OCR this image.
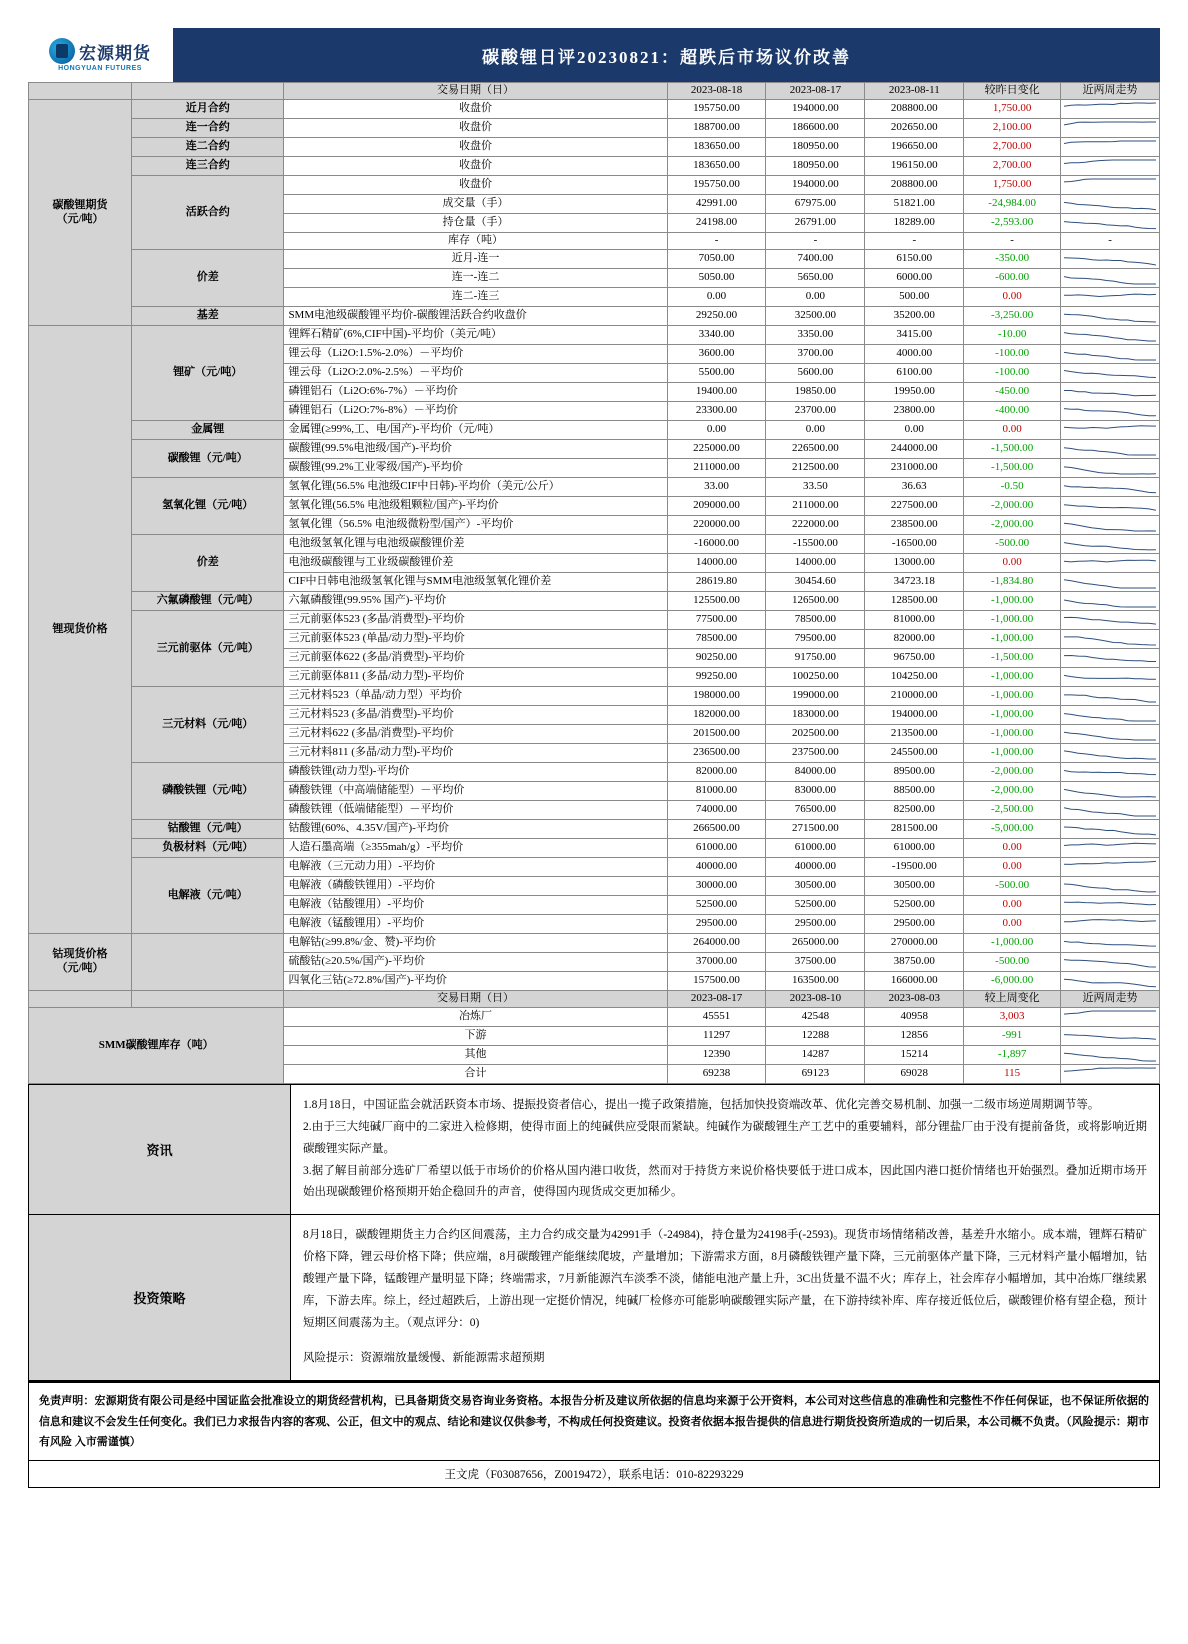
宏源期货
HONGYUAN FUTURES
碳酸锂日评20230821：超跌后市场议价改善
		交易日期（日）	2023-08-18	2023-08-17	2023-08-11	较昨日变化	近两周走势
碳酸锂期货
（元/吨）	近月合约	收盘价	195750.00	194000.00	208800.00	1,750.00	

	连一合约	收盘价	188700.00	186600.00	202650.00	2,100.00	

	连二合约	收盘价	183650.00	180950.00	196650.00	2,700.00	

	连三合约	收盘价	183650.00	180950.00	196150.00	2,700.00	

	活跃合约	收盘价	195750.00	194000.00	208800.00	1,750.00	

		成交量（手）	42991.00	67975.00	51821.00	-24,984.00	

		持仓量（手）	24198.00	26791.00	18289.00	-2,593.00	

		库存（吨）	-	-	-	-	-

	价差	近月-连一	7050.00	7400.00	6150.00	-350.00	

		连一-连二	5050.00	5650.00	6000.00	-600.00	

		连二-连三	0.00	0.00	500.00	0.00	

	基差	SMM电池级碳酸锂平均价-碳酸锂活跃合约收盘价	29250.00	32500.00	35200.00	-3,250.00	

锂现货价格	锂矿（元/吨）	锂辉石精矿(6%,CIF中国)-平均价（美元/吨）	3340.00	3350.00	3415.00	-10.00	

		锂云母（Li2O:1.5%-2.0%）－平均价	3600.00	3700.00	4000.00	-100.00	

		锂云母（Li2O:2.0%-2.5%）－平均价	5500.00	5600.00	6100.00	-100.00	

		磷锂铝石（Li2O:6%-7%）－平均价	19400.00	19850.00	19950.00	-450.00	

		磷锂铝石（Li2O:7%-8%）－平均价	23300.00	23700.00	23800.00	-400.00	

	金属锂	金属锂(≥99%,工、电/国产)-平均价（元/吨）	0.00	0.00	0.00	0.00	

	碳酸锂（元/吨）	碳酸锂(99.5%电池级/国产)-平均价	225000.00	226500.00	244000.00	-1,500.00	

		碳酸锂(99.2%工业零级/国产)-平均价	211000.00	212500.00	231000.00	-1,500.00	

	氢氧化锂（元/吨）	氢氧化锂(56.5% 电池级CIF中日韩)-平均价（美元/公斤）	33.00	33.50	36.63	-0.50	

		氢氧化锂(56.5% 电池级粗颗粒/国产)-平均价	209000.00	211000.00	227500.00	-2,000.00	

		氢氧化锂（56.5% 电池级微粉型/国产）-平均价	220000.00	222000.00	238500.00	-2,000.00	

	价差	电池级氢氧化锂与电池级碳酸锂价差	-16000.00	-15500.00	-16500.00	-500.00	

		电池级碳酸锂与工业级碳酸锂价差	14000.00	14000.00	13000.00	0.00	

		CIF中日韩电池级氢氧化锂与SMM电池级氢氧化锂价差	28619.80	30454.60	34723.18	-1,834.80	

	六氟磷酸锂（元/吨）	六氟磷酸锂(99.95% 国产)-平均价	125500.00	126500.00	128500.00	-1,000.00	

	三元前驱体（元/吨）	三元前驱体523 (多晶/消费型)-平均价	77500.00	78500.00	81000.00	-1,000.00	

		三元前驱体523 (单晶/动力型)-平均价	78500.00	79500.00	82000.00	-1,000.00	

		三元前驱体622 (多晶/消费型)-平均价	90250.00	91750.00	96750.00	-1,500.00	

		三元前驱体811 (多晶/动力型)-平均价	99250.00	100250.00	104250.00	-1,000.00	

	三元材料（元/吨）	三元材料523（单晶/动力型）平均价	198000.00	199000.00	210000.00	-1,000.00	

		三元材料523 (多晶/消费型)-平均价	182000.00	183000.00	194000.00	-1,000.00	

		三元材料622 (多晶/消费型)-平均价	201500.00	202500.00	213500.00	-1,000.00	

		三元材料811 (多晶/动力型)-平均价	236500.00	237500.00	245500.00	-1,000.00	

	磷酸铁锂（元/吨）	磷酸铁锂(动力型)-平均价	82000.00	84000.00	89500.00	-2,000.00	

		磷酸铁锂（中高端储能型）－平均价	81000.00	83000.00	88500.00	-2,000.00	

		磷酸铁锂（低端储能型）－平均价	74000.00	76500.00	82500.00	-2,500.00	

	钴酸锂（元/吨）	钴酸锂(60%、4.35V/国产)-平均价	266500.00	271500.00	281500.00	-5,000.00	

	负极材料（元/吨）	人造石墨高端（≥355mah/g）-平均价	61000.00	61000.00	61000.00	0.00	

	电解液（元/吨）	电解液（三元动力用）-平均价	40000.00	40000.00	-19500.00	0.00	

		电解液（磷酸铁锂用）-平均价	30000.00	30500.00	30500.00	-500.00	

		电解液（钴酸锂用）-平均价	52500.00	52500.00	52500.00	0.00	

		电解液（锰酸锂用）-平均价	29500.00	29500.00	29500.00	0.00	

钴现货价格
（元/吨）		电解钴(≥99.8%/金、赞)-平均价	264000.00	265000.00	270000.00	-1,000.00	

		硫酸钴(≥20.5%/国产)-平均价	37000.00	37500.00	38750.00	-500.00	

		四氧化三钴(≥72.8%/国产)-平均价	157500.00	163500.00	166000.00	-6,000.00	

		交易日期（日）	2023-08-17	2023-08-10	2023-08-03	较上周变化	近两周走势
SMM碳酸锂库存（吨）		冶炼厂	45551	42548	40958	3,003	

		下游	11297	12288	12856	-991	

		其他	12390	14287	15214	-1,897	

		合计	69238	69123	69028	115	
资讯	1.8月18日，中国证监会就活跃资本市场、提振投资者信心，提出一揽子政策措施，包括加快投资端改革、优化完善交易机制、加强一二级市场逆周期调节等。

2.由于三大纯碱厂商中的二家进入检修期，使得市面上的纯碱供应受限而紧缺。纯碱作为碳酸锂生产工艺中的重要辅料，部分锂盐厂由于没有提前备货，或将影响近期碳酸锂实际产量。

3.据了解目前部分选矿厂希望以低于市场价的价格从国内港口收货，然而对于持货方来说价格快要低于进口成本，因此国内港口挺价情绪也开始强烈。叠加近期市场开始出现碳酸锂价格预期开始企稳回升的声音，使得国内现货成交更加稀少。

投资策略	8月18日，碳酸锂期货主力合约区间震荡，主力合约成交量为42991手（-24984)，持仓量为24198手(-2593)。现货市场情绪稍改善，基差升水缩小。成本端，锂辉石精矿价格下降，锂云母价格下降；供应端，8月碳酸锂产能继续爬坡，产量增加；下游需求方面，8月磷酸铁锂产量下降，三元前驱体产量下降，三元材料产量小幅增加，钴酸锂产量下降，锰酸锂产量明显下降；终端需求，7月新能源汽车淡季不淡，储能电池产量上升，3C出货量不温不火；库存上，社会库存小幅增加，其中冶炼厂继续累库，下游去库。综上，经过超跌后，上游出现一定挺价情况，纯碱厂检修亦可能影响碳酸锂实际产量，在下游持续补库、库存接近低位后，碳酸锂价格有望企稳，预计短期区间震荡为主。（观点评分：0)

风险提示：资源端放量缓慢、新能源需求超预期

免责声明：宏源期货有限公司是经中国证监会批准设立的期货经营机构，已具备期货交易咨询业务资格。本报告分析及建议所依据的信息均来源于公开资料，本公司对这些信息的准确性和完整性不作任何保证，也不保证所依据的信息和建议不会发生任何变化。我们已力求报告内容的客观、公正，但文中的观点、结论和建议仅供参考，不构成任何投资建议。投资者依据本报告提供的信息进行期货投资所造成的一切后果，本公司概不负责。（风险提示：期市有风险 入市需谨慎）
王文虎（F03087656，Z0019472），联系电话：010-82293229
